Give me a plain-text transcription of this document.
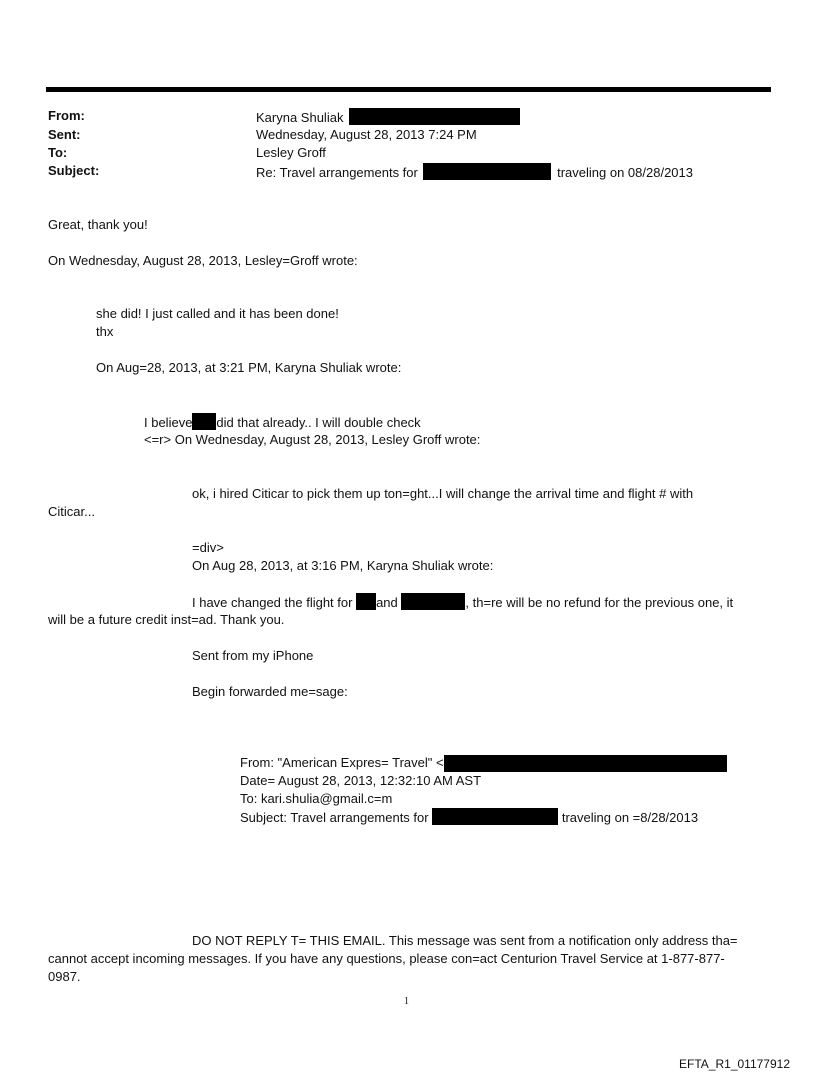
From:	Karyna Shuliak
Sent:	Wednesday, August 28, 2013 7:24 PM
To:	Lesley Groff
Subject:	Re: Travel arrangements for	traveling on 08/28/2013
Great, thank you!
On Wednesday, August 28, 2013, Lesley=Groff wrote:
she did! I just called and it has been done!
thx
On Aug=28, 2013, at 3:21 PM, Karyna Shuliak wrote:
I believe did that already.. I will double check
<=r> On Wednesday, August 28, 2013, Lesley Groff wrote:
ok, i hired Citicar to pick them up ton=ght...I will change the arrival time and flight # with
Citicar...
=div>
On Aug 28, 2013, at 3:16 PM, Karyna Shuliak wrote:
I have changed the flight for and	, th=re will be no refund for the previous one, it
will be a future credit inst=ad. Thank you.
Sent from my iPhone
Begin forwarded me=sage:
From: "American Expres= Travel" <
Date= August 28, 2013, 12:32:10 AM AST
To: kari.shulia@gmail.c=m
Subject: Travel arrangements for	traveling on =8/28/2013
DO NOT REPLY T= THIS EMAIL. This message was sent from a notification only address tha=
cannot accept incoming messages. If you have any questions, please con=act Centurion Travel Service at 1-877-877-
0987.
1
EFTA_R1_01177912
